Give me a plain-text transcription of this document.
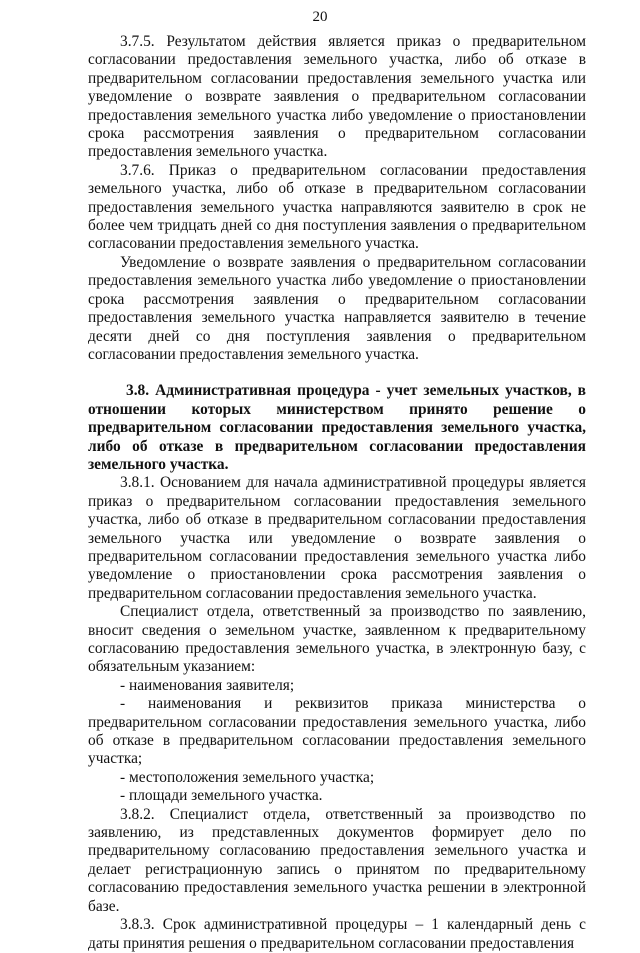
20

3.7.5. Результатом действия является приказ о предварительном согласовании предоставления земельного участка, либо об отказе в предварительном согласовании предоставления земельного участка или уведомление о возврате заявления о предварительном согласовании предоставления земельного участка либо уведомление о приостановлении срока рассмотрения заявления о предварительном согласовании предоставления земельного участка.

3.7.6. Приказ о предварительном согласовании предоставления земельного участка, либо об отказе в предварительном согласовании предоставления земельного участка направляются заявителю в срок не более чем тридцать дней со дня поступления заявления о предварительном согласовании предоставления земельного участка.

Уведомление о возврате заявления о предварительном согласовании предоставления земельного участка либо уведомление о приостановлении срока рассмотрения заявления о предварительном согласовании предоставления земельного участка направляется заявителю в течение десяти дней со дня поступления заявления о предварительном согласовании предоставления земельного участка.

3.8. Административная процедура - учет земельных участков, в отношении которых министерством принято решение о предварительном согласовании предоставления земельного участка, либо об отказе в предварительном согласовании предоставления земельного участка.

3.8.1. Основанием для начала административной процедуры является приказ о предварительном согласовании предоставления земельного участка, либо об отказе в предварительном согласовании предоставления земельного участка или уведомление о возврате заявления о предварительном согласовании предоставления земельного участка либо уведомление о приостановлении срока рассмотрения заявления о предварительном согласовании предоставления земельного участка.

Специалист отдела, ответственный за производство по заявлению, вносит сведения о земельном участке, заявленном к предварительному согласованию предоставления земельного участка, в электронную базу, с обязательным указанием:

- наименования заявителя;

- наименования и реквизитов приказа министерства о предварительном согласовании предоставления земельного участка, либо об отказе в предварительном согласовании предоставления земельного участка;

- местоположения земельного участка;

- площади земельного участка.

3.8.2. Специалист отдела, ответственный за производство по заявлению, из представленных документов формирует дело по предварительному согласованию предоставления земельного участка и делает регистрационную запись о принятом по предварительному согласованию предоставления земельного участка решении в электронной базе.

3.8.3. Срок административной процедуры – 1 календарный день с даты принятия решения о предварительном согласовании предоставления
